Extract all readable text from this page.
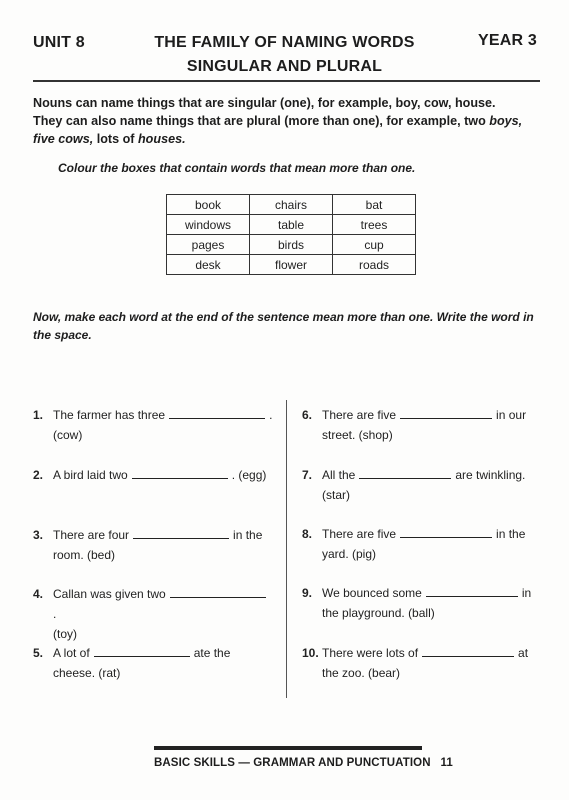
UNIT 8	THE FAMILY OF NAMING WORDS
SINGULAR AND PLURAL
YEAR 3
Nouns can name things that are singular (one), for example, boy, cow, house.
They can also name things that are plural (more than one), for example, two boys,
five cows, lots of houses.
Colour the boxes that contain words that mean more than one.
book	chairs	bat
windows	table	trees
pages	birds	cup
desk	flower	roads
Now, make each word at the end of the sentence mean more than one. Write the word in the space.
1. The farmer has three	.
(cow)
2. A bird laid two	. (egg)
3. There are four	in the
room. (bed)
4. Callan was given two.
(toy)
5. A lot of	ate the
cheese. (rat)
6. There are five	in our
street. (shop)
7. All the	are twinkling.
(star)
8. There are five	in the
yard. (pig)
9. We bounced some	in
the playground. (ball)
10. There were lots of	at
the zoo. (bear)
BASIC SKILLS — GRAMMAR AND PUNCTUATION   11
